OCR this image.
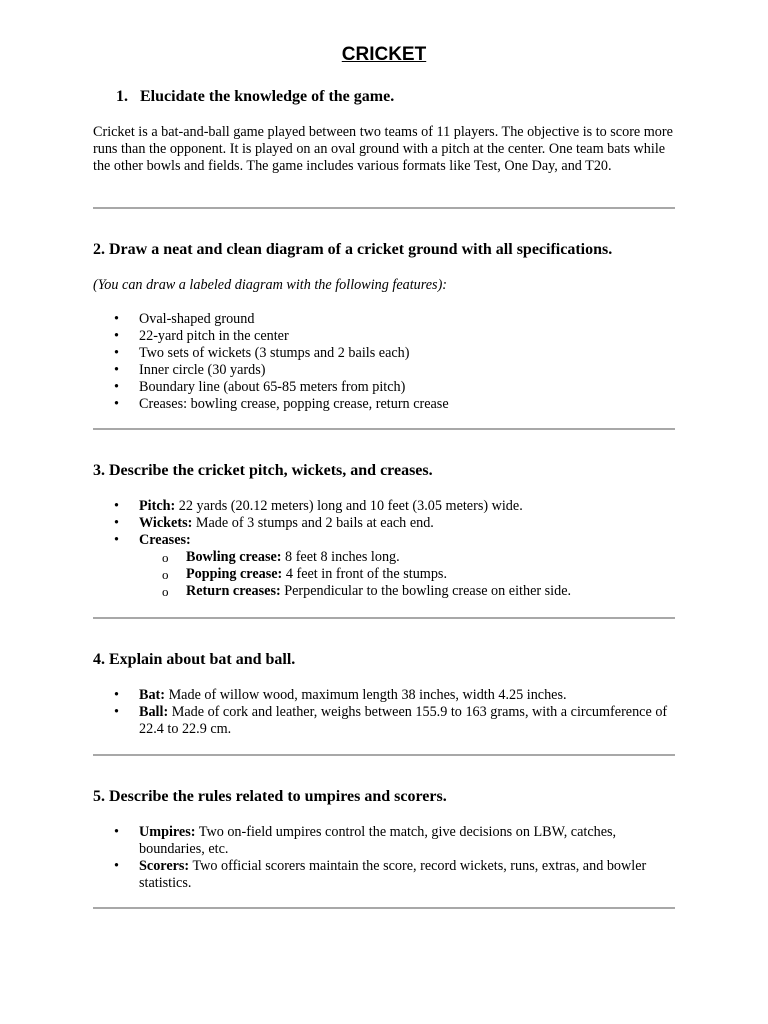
CRICKET
1. Elucidate the knowledge of the game.

Cricket is a bat-and-ball game played between two teams of 11 players. The objective is to score more runs than the opponent. It is played on an oval ground with a pitch at the center. One team bats while the other bowls and fields. The game includes various formats like Test, One Day, and T20.

2. Draw a neat and clean diagram of a cricket ground with all specifications.

(You can draw a labeled diagram with the following features):

• Oval-shaped ground
• 22-yard pitch in the center
• Two sets of wickets (3 stumps and 2 bails each)
• Inner circle (30 yards)
• Boundary line (about 65-85 meters from pitch)
• Creases: bowling crease, popping crease, return crease
3. Describe the cricket pitch, wickets, and creases.
• Pitch: 22 yards (20.12 meters) long and 10 feet (3.05 meters) wide.
• Wickets: Made of 3 stumps and 2 bails at each end.
• Creases:
o Bowling crease: 8 feet 8 inches long.
o Popping crease: 4 feet in front of the stumps.
o Return creases: Perpendicular to the bowling crease on either side.
4. Explain about bat and ball.
• Bat: Made of willow wood, maximum length 38 inches, width 4.25 inches.
• Ball: Made of cork and leather, weighs between 155.9 to 163 grams, with a circumference of 22.4 to 22.9 cm.
5. Describe the rules related to umpires and scorers.
• Umpires: Two on-field umpires control the match, give decisions on LBW, catches, boundaries, etc.
• Scorers: Two official scorers maintain the score, record wickets, runs, extras, and bowler statistics.
